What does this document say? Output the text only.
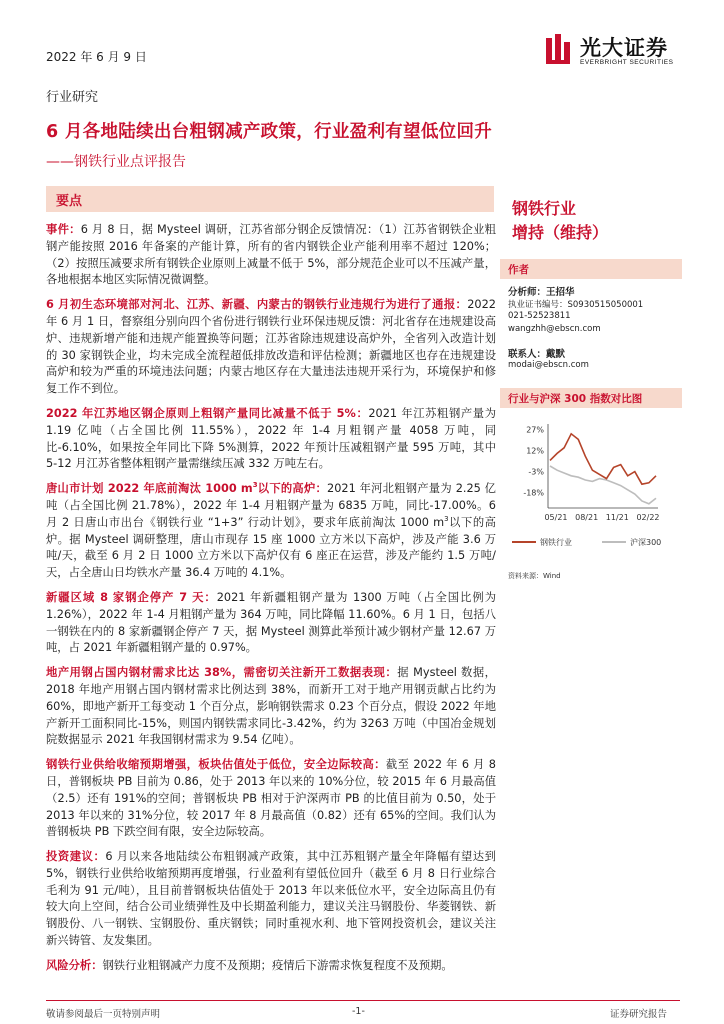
2022 年 6 月 9 日	光大证券
EVERBRIGHT SECURITIES
行业研究
6 月各地陆续出台粗钢减产政策，行业盈利有望低位回升
——钢铁行业点评报告
要点

事件：6 月 8 日，据 Mysteel 调研，江苏省部分钢企反馈情况：（1）江苏省钢铁企业粗钢产能按照 2016 年备案的产能计算，所有的省内钢铁企业产能利用率不超过 120%；（2）按照压减要求所有钢铁企业原则上减量不低于 5%，部分规范企业可以不压减产量，各地根据本地区实际情况微调整。

6 月初生态环境部对河北、江苏、新疆、内蒙古的钢铁行业违规行为进行了通报：2022 年 6 月 1 日，督察组分别向四个省份进行钢铁行业环保违规反馈：河北省存在违规建设高炉、违规新增产能和违规产能置换等问题；江苏省除违规建设高炉外，全省列入改造计划的 30 家钢铁企业，均未完成全流程超低排放改造和评估检测；新疆地区也存在违规建设高炉和较为严重的环境违法问题；内蒙古地区存在大量违法违规开采行为，环境保护和修复工作不到位。

2022 年江苏地区钢企原则上粗钢产量同比减量不低于 5%：2021 年江苏粗钢产量为 1.19 亿吨（占全国比例 11.55%），2022 年 1-4 月粗钢产量 4058 万吨，同比-6.10%，如果按全年同比下降 5%测算，2022 年预计压减粗钢产量 595 万吨，其中 5-12 月江苏省整体粗钢产量需继续压减 332 万吨左右。

唐山市计划 2022 年底前淘汰 1000 $m^3$以下的高炉：2021 年河北粗钢产量为 2.25 亿吨（占全国比例 21.78%），2022 年 1-4 月粗钢产量为 6835 万吨，同比-17.00%。6 月 2 日唐山市出台《钢铁行业 “1+3” 行动计划》，要求年底前淘汰 1000 $m^3$以下的高炉。据 Mysteel 调研整理，唐山市现存 15 座 1000 立方米以下高炉，涉及产能 3.6 万吨/天，截至 6 月 2 日 1000 立方米以下高炉仅有 6 座正在运营，涉及产能约 1.5 万吨/天，占全唐山日均铁水产量 36.4 万吨的 4.1%。

新疆区域 8 家钢企停产 7 天：2021 年新疆粗钢产量为 1300 万吨（占全国比例为 1.26%），2022 年 1-4 月粗钢产量为 364 万吨，同比降幅 11.60%。6 月 1 日，包括八一钢铁在内的 8 家新疆钢企停产 7 天，据 Mysteel 测算此举预计减少钢材产量 12.67 万吨，占 2021 年新疆粗钢产量的 0.97%。

地产用钢占国内钢材需求比达 38%，需密切关注新开工数据表现：据 Mysteel 数据，2018 年地产用钢占国内钢材需求比例达到 38%，而新开工对于地产用钢贡献占比约为 60%，即地产新开工每变动 1 个百分点，影响钢铁需求 0.23 个百分点，假设 2022 年地产新开工面积同比-15%，则国内钢铁需求同比-3.42%，约为 3263 万吨（中国冶金规划院数据显示 2021 年我国钢材需求为 9.54 亿吨）。

钢铁行业供给收缩预期增强，板块估值处于低位，安全边际较高：截至 2022 年 6 月 8 日，普钢板块 PB 目前为 0.86，处于 2013 年以来的 10%分位，较 2015 年 6 月最高值（2.5）还有 191%的空间；普钢板块 PB 相对于沪深两市 PB 的比值目前为 0.50，处于 2013 年以来的 31%分位，较 2017 年 8 月最高值（0.82）还有 65%的空间。我们认为普钢板块 PB 下跌空间有限，安全边际较高。

投资建议：6 月以来各地陆续公布粗钢减产政策，其中江苏粗钢产量全年降幅有望达到 5%，钢铁行业供给收缩预期再度增强，行业盈利有望低位回升（截至 6 月 8 日行业综合毛利为 91 元/吨），且目前普钢板块估值处于 2013 年以来低位水平，安全边际高且仍有较大向上空间，结合公司业绩弹性及中长期盈利能力，建议关注马钢股份、华菱钢铁、新钢股份、八一钢铁、宝钢股份、重庆钢铁；同时重视水利、地下管网投资机会，建议关注新兴铸管、友发集团。

风险分析：钢铁行业粗钢减产力度不及预期；疫情后下游需求恢复程度不及预期。

钢铁行业
增持（维持）
作者
分析师：王招华
执业证书编号：S0930515050001
021-52523811
wangzhh@ebscn.com
联系人：戴默
modai@ebscn.com
行业与沪深 300 指数对比图
27%
12%
-3%
-18%
05/21 08/21 11/21 02/22
钢铁行业	沪深300
资料来源：Wind
敬请参阅最后一页特别声明	-1-	证券研究报告
